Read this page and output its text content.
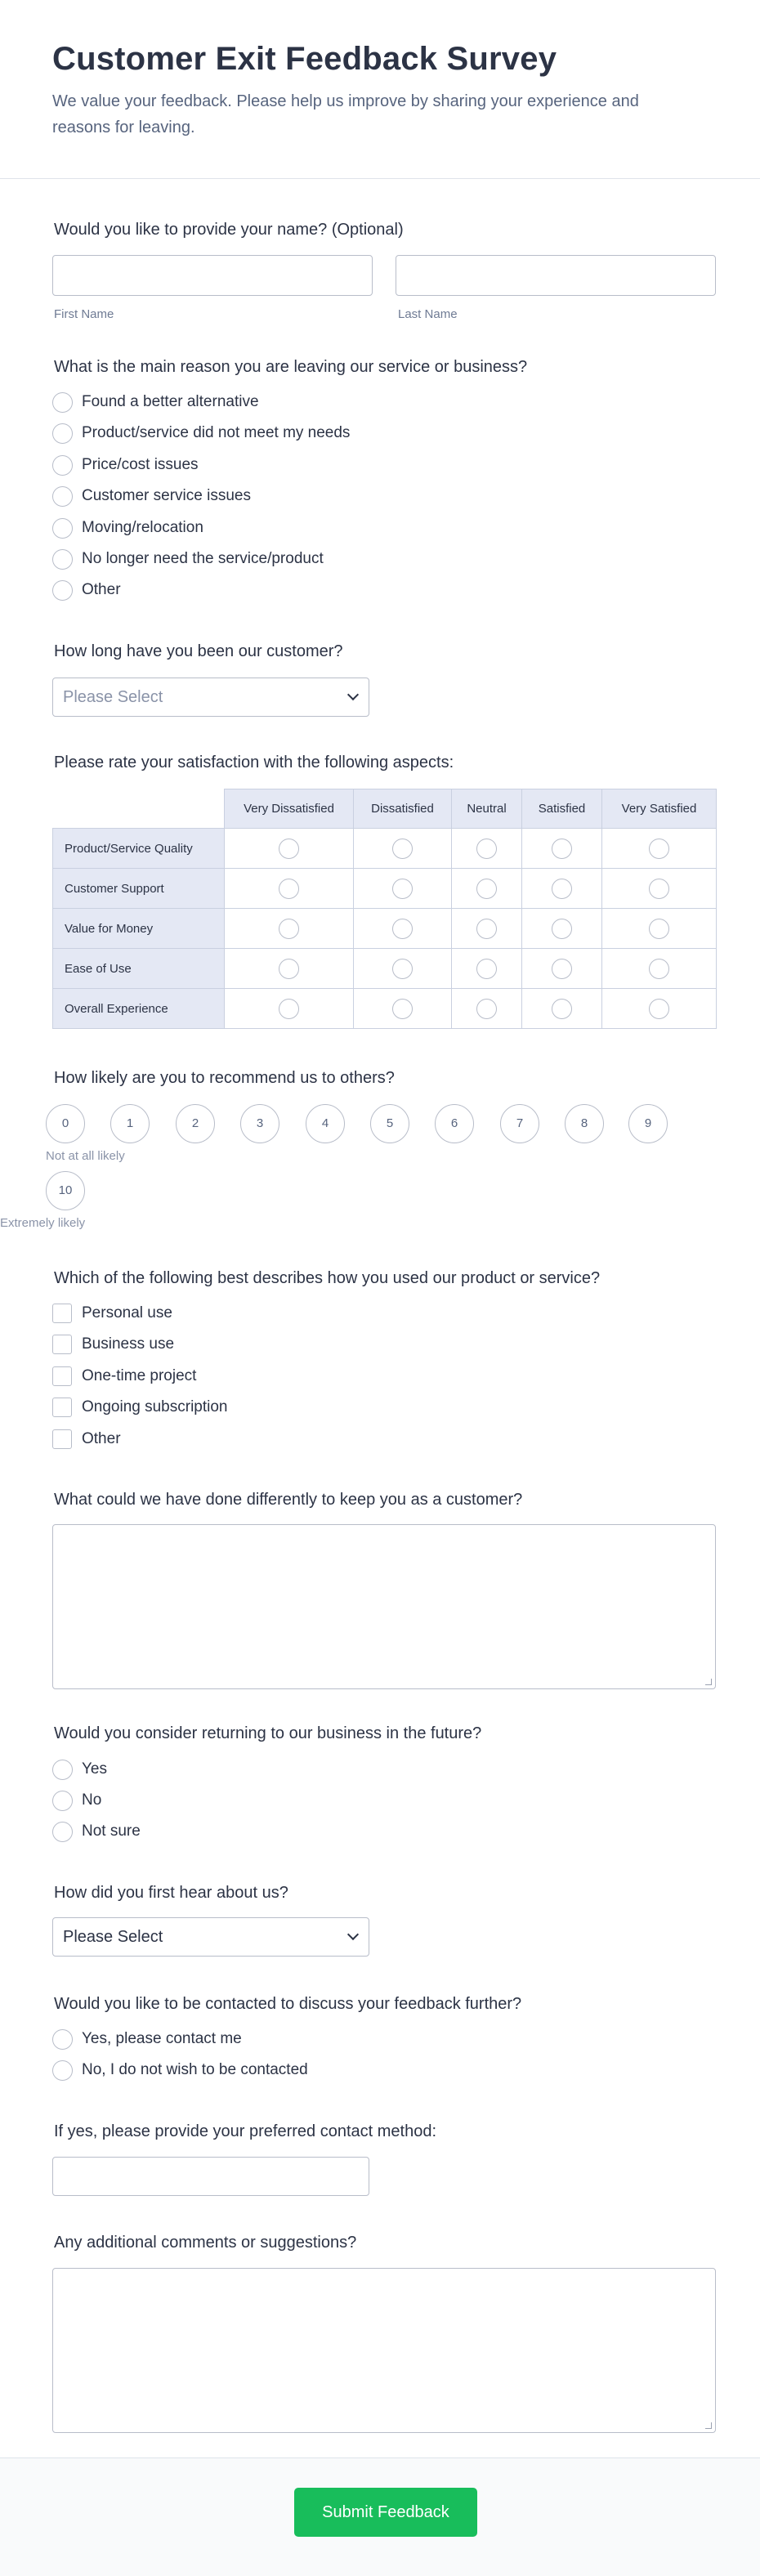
Customer Exit Feedback Survey
We value your feedback. Please help us improve by sharing your experience and reasons for leaving.
Would you like to provide your name? (Optional)
First Name	Last Name
What is the main reason you are leaving our service or business?
Found a better alternative
Product/service did not meet my needs
Price/cost issues
Customer service issues
Moving/relocation
No longer need the service/product
Other
How long have you been our customer?
Please Select
Please rate your satisfaction with the following aspects:
	Very Dissatisfied	Dissatisfied	Neutral	Satisfied	Very Satisfied
Product/Service Quality					
Customer Support					
Value for Money					
Ease of Use					
Overall Experience					
How likely are you to recommend us to others?
0	1	2	3	4	5	6	7	8	9
10
Not at all likely
Extremely likely
Which of the following best describes how you used our product or service?
Personal use
Business use
One-time project
Ongoing subscription
Other
What could we have done differently to keep you as a customer?
Would you consider returning to our business in the future?
Yes
No
Not sure
How did you first hear about us?
Please Select
Would you like to be contacted to discuss your feedback further?
Yes, please contact me
No, I do not wish to be contacted
If yes, please provide your preferred contact method:
Any additional comments or suggestions?
Submit Feedback
